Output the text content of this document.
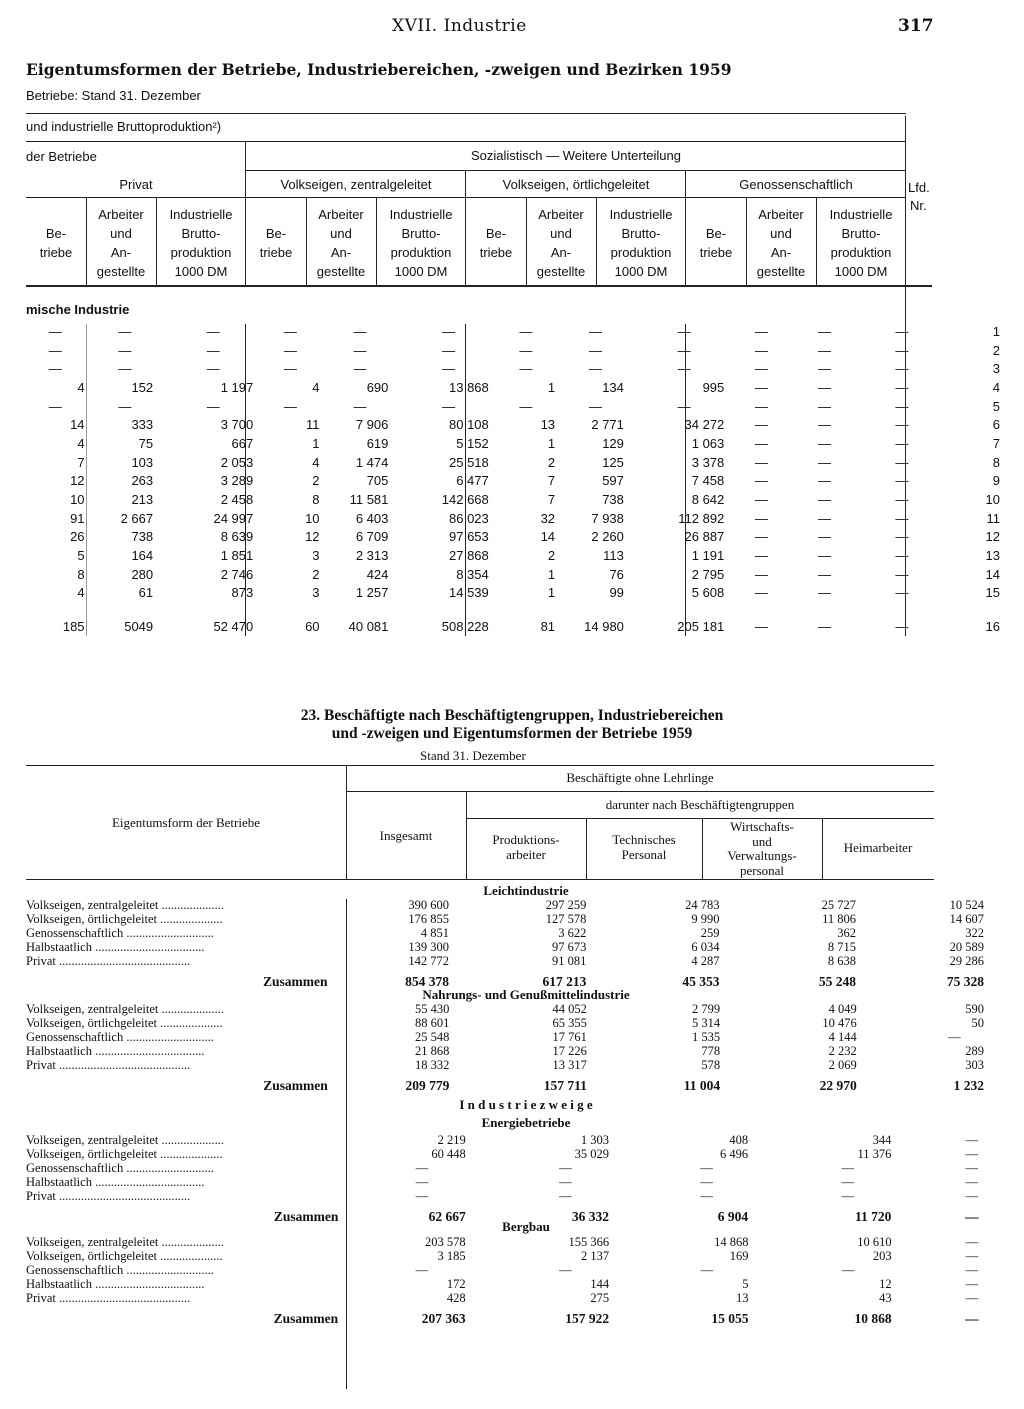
XVII. Industrie	317
Eigentumsformen der Betriebe, Industriebereichen, -zweigen und Bezirken 1959
Betriebe: Stand 31. Dezember
und industrielle Bruttoproduktion²)
der Betriebe	Sozialistisch — Weitere Unterteilung
Privat	Volkseigen, zentralgeleitet	Volkseigen, örtlichgeleitet	Genossenschaftlich	Lfd.
Nr.
Be-
triebe
Arbeiter
und
An-
gestellte
Industrielle
Brutto-
produktion
1000 DM
Be-
triebe
Arbeiter
und
An-
gestellte
Industrielle
Brutto-
produktion
1000 DM
Be-
triebe
Arbeiter
und
An-
gestellte
Industrielle
Brutto-
produktion
1000 DM
Be-
triebe
Arbeiter
und
An-
gestellte
Industrielle
Brutto-
produktion
1000 DM
mische Industrie
—	—	—	—	—	—	—	—	—	—	—	—	1
—	—	—	—	—	—	—	—	—	—	—	—	2
—	—	—	—	—	—	—	—	—	—	—	—	3
4	152	1 197	4	690	13 868	1	134	995	—	—	—	4
—	—	—	—	—	—	—	—	—	—	—	—	5
14	333	3 700	11	7 906	80 108	13	2 771	34 272	—	—	—	6
4	75	667	1	619	5 152	1	129	1 063	—	—	—	7
7	103	2 053	4	1 474	25 518	2	125	3 378	—	—	—	8
12	263	3 289	2	705	6 477	7	597	7 458	—	—	—	9
10	213	2 458	8	11 581	142 668	7	738	8 642	—	—	—	10
91	2 667	24 997	10	6 403	86 023	32	7 938	112 892	—	—	—	11
26	738	8 639	12	6 709	97 653	14	2 260	26 887	—	—	—	12
5	164	1 851	3	2 313	27 868	2	113	1 191	—	—	—	13
8	280	2 746	2	424	8 354	1	76	2 795	—	—	—	14
4	61	873	3	1 257	14 539	1	99	5 608	—	—	—	15
185	5049	52 470	60	40 081	508 228	81	14 980	205 181	—	—	—	16
23. Beschäftigte nach Beschäftigtengruppen, Industriebereichen
und -zweigen und Eigentumsformen der Betriebe 1959
Stand 31. Dezember
Eigentumsform der Betriebe
Beschäftigte ohne Lehrlinge
Insgesamt
darunter nach Beschäftigtengruppen
Produktions-
arbeiter
Technisches
Personal
Wirtschafts-
und
Verwaltungs-
personal
Heimarbeiter
I n d u s t r i e z w e i g e
Leichtindustrie
Volkseigen, zentralgeleitet ....................	390 600	297 259	24 783	25 727	10 524
Volkseigen, örtlichgeleitet ....................	176 855	127 578	9 990	11 806	14 607
Genossenschaftlich ............................	4 851	3 622	259	362	322
Halbstaatlich ...................................	139 300	97 673	6 034	8 715	20 589
Privat ..........................................	142 772	91 081	4 287	8 638	29 286
Zusammen	854 378	617 213	45 353	55 248	75 328
Nahrungs- und Genußmittelindustrie
Volkseigen, zentralgeleitet ....................	55 430	44 052	2 799	4 049	590
Volkseigen, örtlichgeleitet ....................	88 601	65 355	5 314	10 476	50
Genossenschaftlich ............................	25 548	17 761	1 535	4 144	—
Halbstaatlich ...................................	21 868	17 226	778	2 232	289
Privat ..........................................	18 332	13 317	578	2 069	303
Zusammen	209 779	157 711	11 004	22 970	1 232
Energiebetriebe
Volkseigen, zentralgeleitet ....................	2 219	1 303	408	344	—
Volkseigen, örtlichgeleitet ....................	60 448	35 029	6 496	11 376	—
Genossenschaftlich ............................	—	—	—	—	—
Halbstaatlich ...................................	—	—	—	—	—
Privat ..........................................	—	—	—	—	—
Zusammen	62 667	36 332	6 904	11 720	—
Bergbau
Volkseigen, zentralgeleitet ....................	203 578	155 366	14 868	10 610	—
Volkseigen, örtlichgeleitet ....................	3 185	2 137	169	203	—
Genossenschaftlich ............................	—	—	—	—	—
Halbstaatlich ...................................	172	144	5	12	—
Privat ..........................................	428	275	13	43	—
Zusammen	207 363	157 922	15 055	10 868	—
